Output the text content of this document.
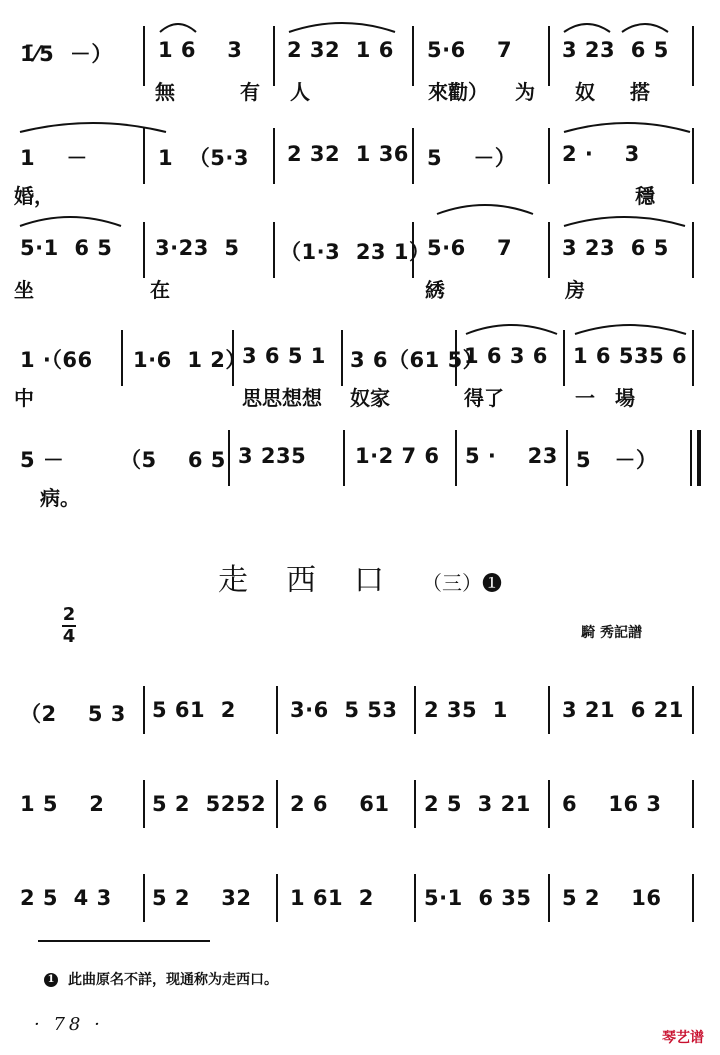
1̄⁄5  －） 1 6    3 2 32  1 6 5·6    7 3 23  6 5
無	有 人	來勸） 为 奴 搭
1    －	1  （5·3 2 32  1 36 5    －） 2 ·    3
婚，	穩
5·1  6 5 3·23  5 （1·3  23 1）
5·6    7 3 23  6 5
坐	在	綉	房
1 ·（66 1·6  1 2）
3 6 5 1 3 6（61 5）
1 6 3 6 1 6 535 6
中	思思想想 奴家	得了	一 場
5 －	（5    6 5 3 235 1·2 7 6 5 ·    23 5   －）
病。
走西口（三）❶
2
4	騎 秀記譜
（2    5 3 5 61  2	3·6  5 53 2 35  1	3 21  6 21
1 5    2 5 2  5252 2 6    61 2 5  3 21 6    16 3
2 5  4 3 5 2    32 1 61  2 5·1  6 35 5 2    16
1 此曲原名不詳，现通称为走西口。
· 78 ·
琴艺谱
